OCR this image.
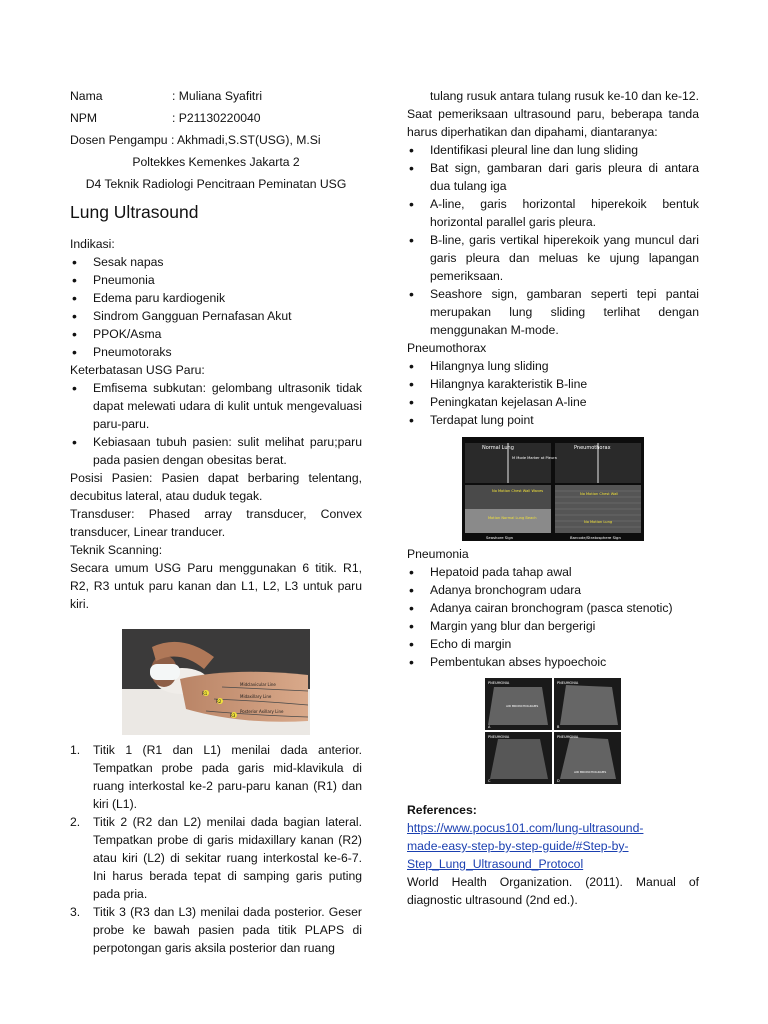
Nama	: Muliana Syafitri
NPM	: P21130220040

Dosen Pengampu : Akhmadi,S.ST(USG), M.Si

Poltekkes Kemenkes Jakarta 2

D4 Teknik Radiologi Pencitraan Peminatan USG

Lung Ultrasound

Indikasi:

• Sesak napas
• Pneumonia
• Edema paru kardiogenik
• Sindrom Gangguan Pernafasan Akut
• PPOK/Asma
• Pneumotoraks

Keterbatasan USG Paru:

• Emfisema subkutan: gelombang ultrasonik tidak dapat melewati udara di kulit untuk mengevaluasi paru-paru.
• Kebiasaan tubuh pasien: sulit melihat paru;paru pada pasien dengan obesitas berat.

Posisi Pasien: Pasien dapat berbaring telentang, decubitus lateral, atau duduk tegak.

Transduser: Phased array transducer, Convex transducer, Linear tranducer.

Teknik Scanning:

Secara umum USG Paru menggunakan 6 titik. R1, R2, R3 untuk paru kanan dan L1, L2, L3 untuk paru kiri.

R1
R2
R3
Midclavicular Line
Midaxillary Line
Posterior Axillary Line
1. Titik 1 (R1 dan L1) menilai dada anterior. Tempatkan probe pada garis mid-klavikula di ruang interkostal ke-2 paru-paru kanan (R1) dan kiri (L1).
2. Titik 2 (R2 dan L2) menilai dada bagian lateral. Tempatkan probe di garis midaxillary kanan (R2) atau kiri (L2) di sekitar ruang interkostal ke-6-7. Ini harus berada tepat di samping garis puting pada pria.
3. Titik 3 (R3 dan L3) menilai dada posterior. Geser probe ke bawah pasien pada titik PLAPS di perpotongan garis aksila posterior dan ruang

tulang rusuk antara tulang rusuk ke-10 dan ke-12.

Saat pemeriksaan ultrasound paru, beberapa tanda harus diperhatikan dan dipahami, diantaranya:

• Identifikasi pleural line dan lung sliding
• Bat sign, gambaran dari garis pleura di antara dua tulang iga
• A-line, garis horizontal hiperekoik bentuk horizontal parallel garis pleura.
• B-line, garis vertikal hiperekoik yang muncul dari garis pleura dan meluas ke ujung lapangan pemeriksaan.
• Seashore sign, gambaran seperti tepi pantai merupakan lung sliding terlihat dengan menggunakan M-mode.

Pneumothorax

• Hilangnya lung sliding
• Hilangnya karakteristik B-line
• Peningkatan kejelasan A-line
• Terdapat lung point
Normal Lung	Pneumothorax
M Mode Marker at Pleura
No Motion Chest Wall Waves
No Motion Chest Wall
Motion Normal Lung Beach
No Motion Lung
Seashore Sign	Barcode/Stratosphere Sign

Pneumonia

• Hepatoid pada tahap awal
• Adanya bronchogram udara
• Adanya cairan bronchogram (pasca stenotic)
• Margin yang blur dan bergerigi
• Echo di margin
• Pembentukan abses hypoechoic
PNEUMONIA	PNEUMONIA
PNEUMONIA	PNEUMONIA
AIR BRONCHOGRAMS
AIR BRONCHOGRAMS
A	B
C	D

References:

https://www.pocus101.com/lung-ultrasound-
made-easy-step-by-step-guide/#Step-by-
Step_Lung_Ultrasound_Protocol

World Health Organization. (2011). Manual of diagnostic ultrasound (2nd ed.).
